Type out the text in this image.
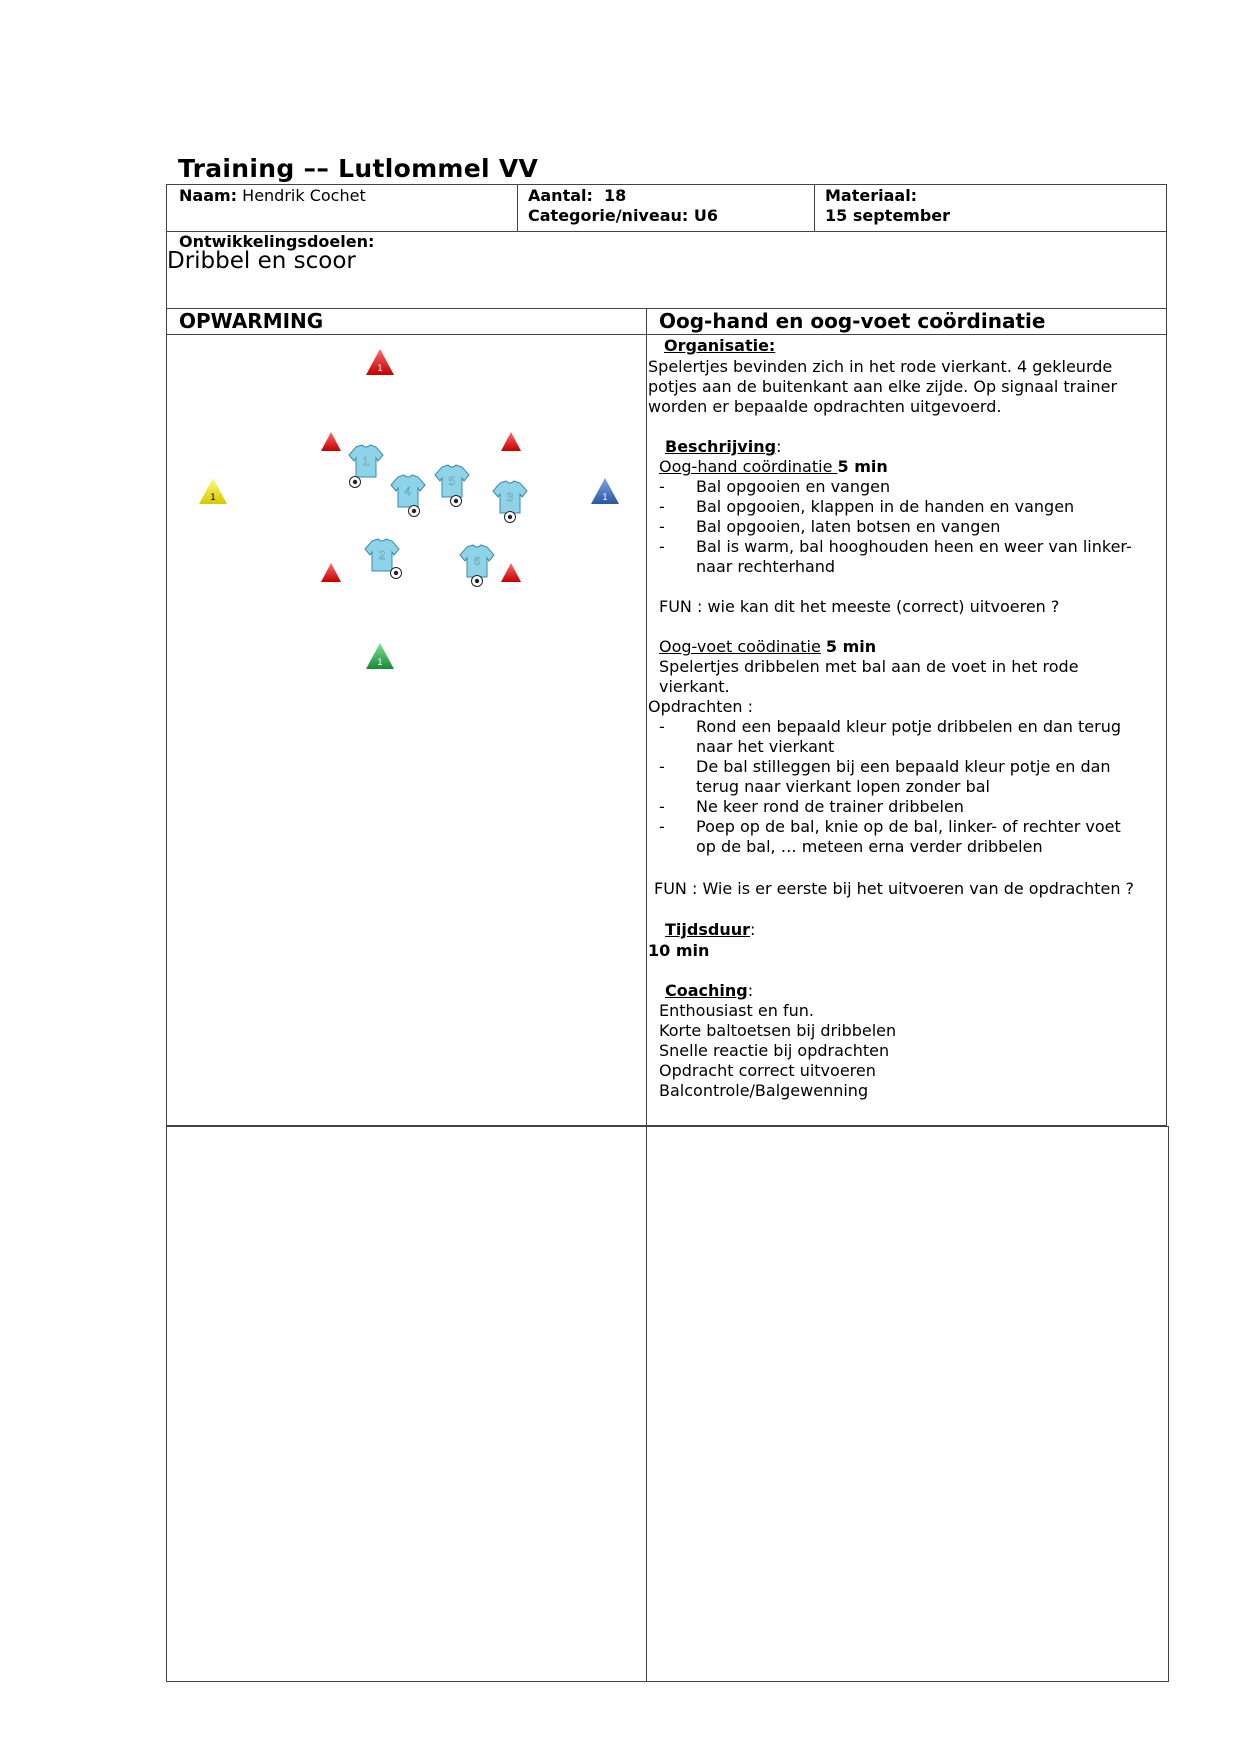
Training –– Lutlommel VV
Naam: Hendrik Cochet	Aantal: 18
Categorie/niveau: U6
Materiaal:
15 september
Ontwikkelingsdoelen:
Dribbel en scoor
OPWARMING	Oog-hand en oog-voet coördinatie
1
1	1
1
1
4
5
3
2	6
Organisatie:
Spelertjes bevinden zich in het rode vierkant. 4 gekleurde
potjes aan de buitenkant aan elke zijde. Op signaal trainer
worden er bepaalde opdrachten uitgevoerd.
Beschrijving:
Oog-hand coördinatie 5 min
- Bal opgooien en vangen
- Bal opgooien, klappen in de handen en vangen
- Bal opgooien, laten botsen en vangen
- Bal is warm, bal hooghouden heen en weer van linker-
naar rechterhand
FUN : wie kan dit het meeste (correct) uitvoeren ?
Oog-voet coödinatie 5 min
Spelertjes dribbelen met bal aan de voet in het rode
vierkant.
Opdrachten :
- Rond een bepaald kleur potje dribbelen en dan terug
naar het vierkant
- De bal stilleggen bij een bepaald kleur potje en dan
terug naar vierkant lopen zonder bal
- Ne keer rond de trainer dribbelen
- Poep op de bal, knie op de bal, linker- of rechter voet
op de bal, … meteen erna verder dribbelen
FUN : Wie is er eerste bij het uitvoeren van de opdrachten ?
Tijdsduur:
10 min
Coaching:
Enthousiast en fun.
Korte baltoetsen bij dribbelen
Snelle reactie bij opdrachten
Opdracht correct uitvoeren
Balcontrole/Balgewenning
